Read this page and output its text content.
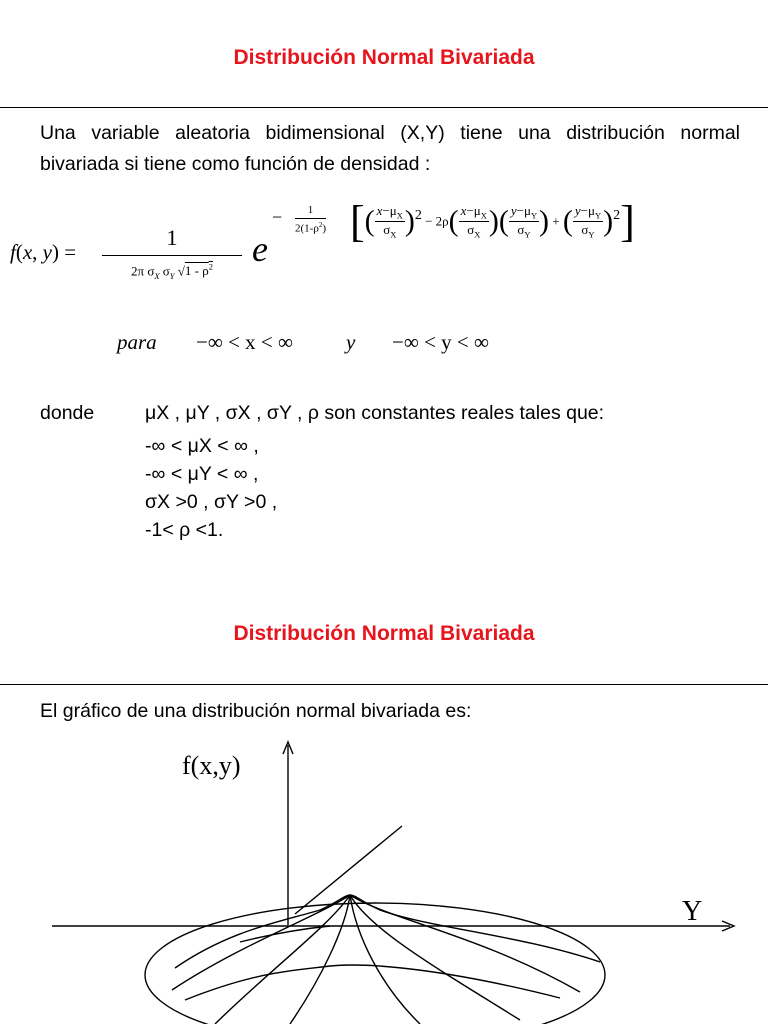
Distribución Normal Bivariada
Una variable aleatoria bidimensional (X,Y) tiene una distribución normal bivariada si tiene como función de densidad :
f(x, y) =
1
2π $\sigma_X$ $\sigma_Y$ $√1 - \rho^2$	e
−	1
$2(1-\rho^2)$ [( $\frac{x-\mu_X}{\sigma_X} )^2 - 2\rho( \frac{x-\mu_X}{\sigma_X}$ )( $\frac{y-\mu_Y}{\sigma_Y}$ ) + ( $\frac{y-\mu_Y}{\sigma_Y} )^2$]
para −∞ < x < ∞	y −∞ < y < ∞
donde	μX , μY , σX , σY , ρ son constantes reales tales que:
-∞ < μX < ∞ ,
-∞ < μY < ∞ ,
σX >0 , σY >0 ,
-1< ρ <1.
Distribución Normal Bivariada
El gráfico de una distribución normal bivariada es:
f(x,y)
Y
